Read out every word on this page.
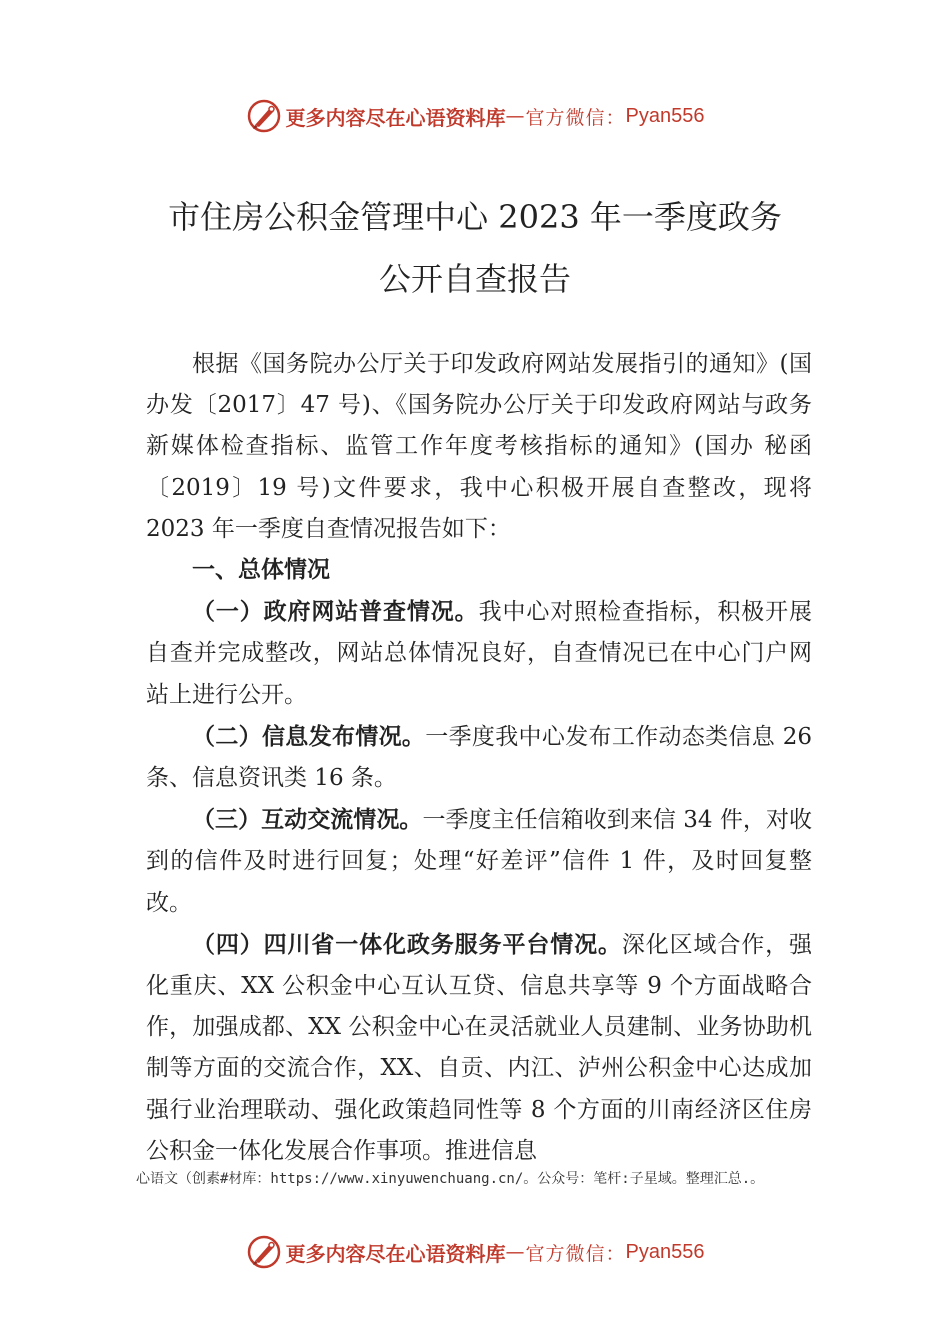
更多内容尽在心语资料库 — 官方微信： Pyan556
市住房公积金管理中心 2023 年一季度政务
公开自查报告

根据《国务院办公厅关于印发政府网站发展指引的通知》(国办发〔2017〕47 号)、《国务院办公厅关于印发政府网站与政务新媒体检查指标、监管工作年度考核指标的通知》(国办 秘函〔2019〕19 号)文件要求，我中心积极开展自查整改，现将 2023 年一季度自查情况报告如下：

一、总体情况

（一）政府网站普查情况。我中心对照检查指标，积极开展自查并完成整改，网站总体情况良好，自查情况已在中心门户网站上进行公开。

（二）信息发布情况。一季度我中心发布工作动态类信息 26 条、信息资讯类 16 条。

（三）互动交流情况。一季度主任信箱收到来信 34 件，对收到的信件及时进行回复；处理“好差评”信件 1 件，及时回复整改。

（四）四川省一体化政务服务平台情况。深化区域合作，强化重庆、XX 公积金中心互认互贷、信息共享等 9 个方面战略合作，加强成都、XX 公积金中心在灵活就业人员建制、业务协助机制等方面的交流合作，XX、自贡、内江、泸州公积金中心达成加强行业治理联动、强化政策趋同性等 8 个方面的川南经济区住房公积金一体化发展合作事项。推进信息

心语文（创素#材库：https://www.xinyuwenchuang.cn/。公众号：笔杆:子星域。整理汇总.。
更多内容尽在心语资料库 — 官方微信： Pyan556
